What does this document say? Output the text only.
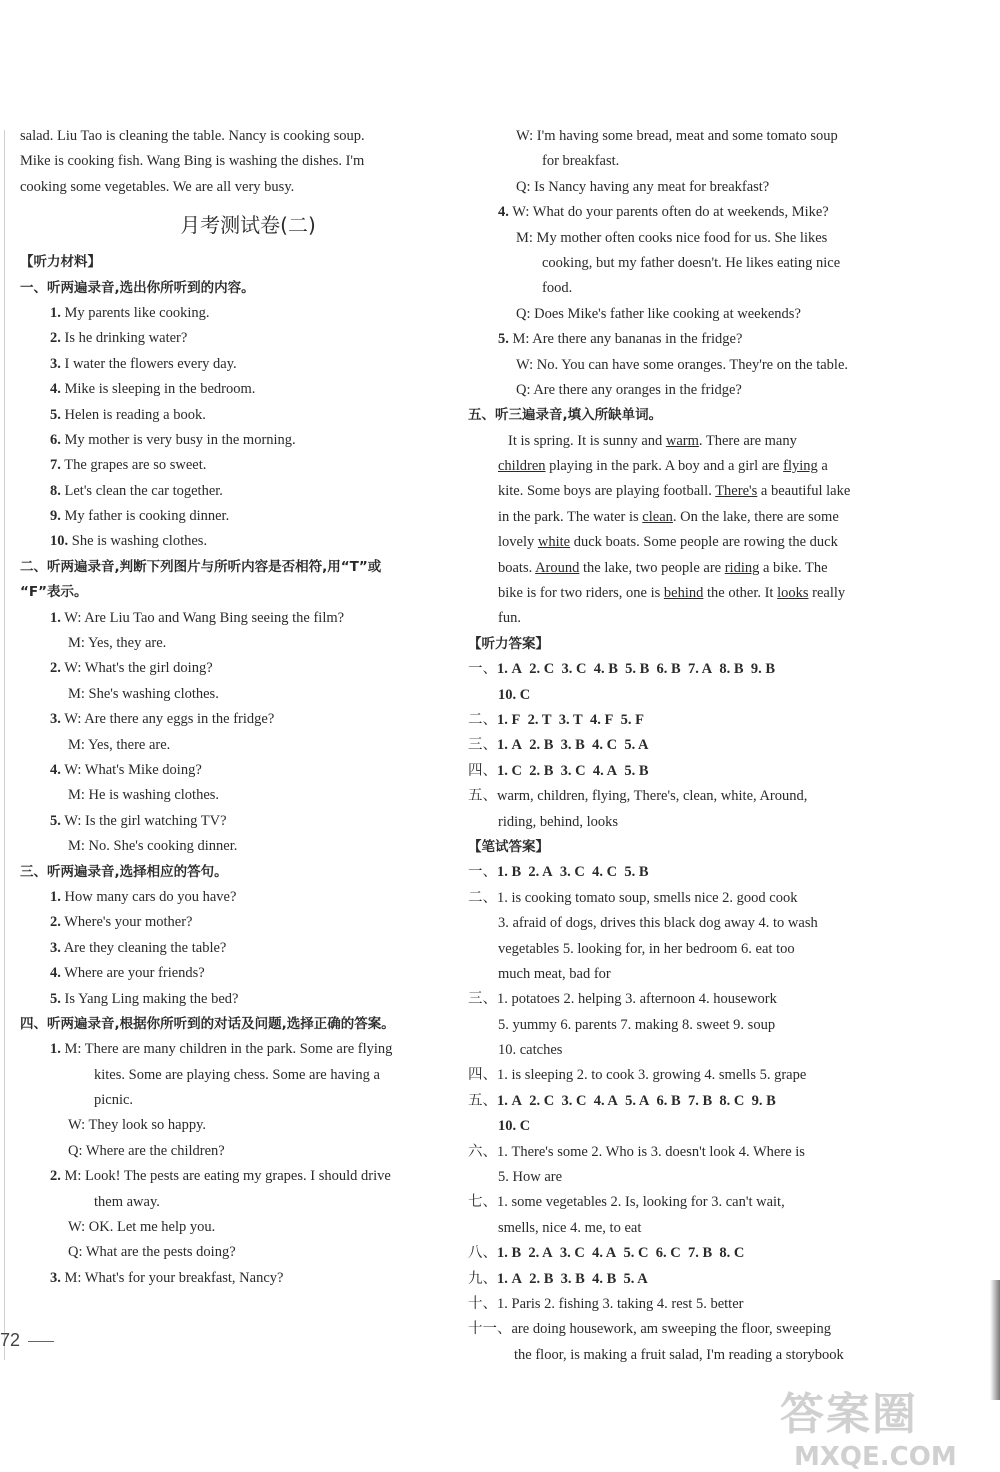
salad. Liu Tao is cleaning the table. Nancy is cooking soup.
Mike is cooking fish. Wang Bing is washing the dishes. I'm
cooking some vegetables. We are all very busy.
月考测试卷(二)
【听力材料】
一、听两遍录音,选出你所听到的内容。
1. My parents like cooking.
2. Is he drinking water?
3. I water the flowers every day.
4. Mike is sleeping in the bedroom.
5. Helen is reading a book.
6. My mother is very busy in the morning.
7. The grapes are so sweet.
8. Let's clean the car together.
9. My father is cooking dinner.
10. She is washing clothes.
二、听两遍录音,判断下列图片与所听内容是否相符,用“T”或
“F”表示。
1. W: Are Liu Tao and Wang Bing seeing the film?
M: Yes, they are.
2. W: What's the girl doing?
M: She's washing clothes.
3. W: Are there any eggs in the fridge?
M: Yes, there are.
4. W: What's Mike doing?
M: He is washing clothes.
5. W: Is the girl watching TV?
M: No. She's cooking dinner.
三、听两遍录音,选择相应的答句。
1. How many cars do you have?
2. Where's your mother?
3. Are they cleaning the table?
4. Where are your friends?
5. Is Yang Ling making the bed?
四、听两遍录音,根据你所听到的对话及问题,选择正确的答案。
1. M: There are many children in the park. Some are flying
kites. Some are playing chess. Some are having a
picnic.
W: They look so happy.
Q: Where are the children?
2. M: Look! The pests are eating my grapes. I should drive
them away.
W: OK. Let me help you.
Q: What are the pests doing?
3. M: What's for your breakfast, Nancy?
W: I'm having some bread, meat and some tomato soup
for breakfast.
Q: Is Nancy having any meat for breakfast?
4. W: What do your parents often do at weekends, Mike?
M: My mother often cooks nice food for us. She likes
cooking, but my father doesn't. He likes eating nice
food.
Q: Does Mike's father like cooking at weekends?
5. M: Are there any bananas in the fridge?
W: No. You can have some oranges. They're on the table.
Q: Are there any oranges in the fridge?
五、听三遍录音,填入所缺单词。
It is spring. It is sunny and warm. There are many
children playing in the park. A boy and a girl are flying a
kite. Some boys are playing football. There's a beautiful lake
in the park. The water is clean. On the lake, there are some
lovely white duck boats. Some people are rowing the duck
boats. Around the lake, two people are riding a bike. The
bike is for two riders, one is behind the other. It looks really
fun.
【听力答案】
一、1. A 2. C 3. C 4. B 5. B 6. B 7. A 8. B 9. B
10. C
二、1. F 2. T 3. T 4. F 5. F
三、1. A 2. B 3. B 4. C 5. A
四、1. C 2. B 3. C 4. A 5. B
五、warm, children, flying, There's, clean, white, Around,
riding, behind, looks
【笔试答案】
一、1. B 2. A 3. C 4. C 5. B
二、1. is cooking tomato soup, smells nice 2. good cook
3. afraid of dogs, drives this black dog away 4. to wash
vegetables 5. looking for, in her bedroom 6. eat too
much meat, bad for
三、1. potatoes 2. helping 3. afternoon 4. housework
5. yummy 6. parents 7. making 8. sweet 9. soup
10. catches
四、1. is sleeping 2. to cook 3. growing 4. smells 5. grape
五、1. A 2. C 3. C 4. A 5. A 6. B 7. B 8. C 9. B
10. C
六、1. There's some 2. Who is 3. doesn't look 4. Where is
5. How are
七、1. some vegetables 2. Is, looking for 3. can't wait,
smells, nice 4. me, to eat
八、1. B 2. A 3. C 4. A 5. C 6. C 7. B 8. C
九、1. A 2. B 3. B 4. B 5. A
十、1. Paris 2. fishing 3. taking 4. rest 5. better
十一、are doing housework, am sweeping the floor, sweeping
the floor, is making a fruit salad, I'm reading a storybook
72
答案圈
MXQE.COM
